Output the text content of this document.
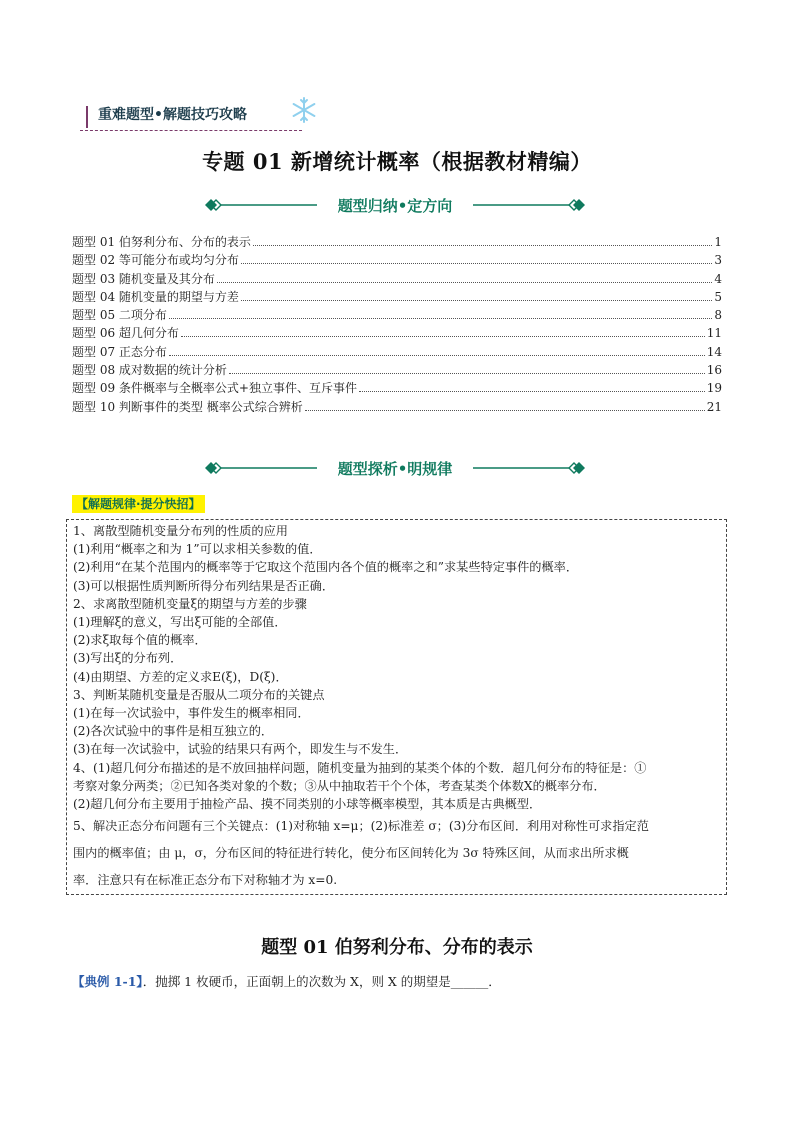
重难题型•解题技巧攻略
专题 01 新增统计概率（根据教材精编）
题型归纳•定方向
题型 01 伯努利分布、分布的表示	1
题型 02 等可能分布或均匀分布	3
题型 03 随机变量及其分布	4
题型 04 随机变量的期望与方差	5
题型 05 二项分布	8
题型 06 超几何分布	11
题型 07 正态分布	14
题型 08 成对数据的统计分析	16
题型 09 条件概率与全概率公式+独立事件、互斥事件	19
题型 10 判断事件的类型 概率公式综合辨析	21
题型探析•明规律
【解题规律·提分快招】
1、离散型随机变量分布列的性质的应用
(1)利用“概率之和为 1”可以求相关参数的值．
(2)利用“在某个范围内的概率等于它取这个范围内各个值的概率之和”求某些特定事件的概率．
(3)可以根据性质判断所得分布列结果是否正确．
2、求离散型随机变量ξ的期望与方差的步骤
(1)理解ξ的意义，写出ξ可能的全部值．
(2)求ξ取每个值的概率．
(3)写出ξ的分布列．
(4)由期望、方差的定义求E(ξ)，D(ξ)．
3、判断某随机变量是否服从二项分布的关键点
(1)在每一次试验中，事件发生的概率相同．
(2)各次试验中的事件是相互独立的．
(3)在每一次试验中，试验的结果只有两个，即发生与不发生．
4、(1)超几何分布描述的是不放回抽样问题，随机变量为抽到的某类个体的个数．超几何分布的特征是：①
考察对象分两类；②已知各类对象的个数；③从中抽取若干个个体，考查某类个体数X的概率分布．
(2)超几何分布主要用于抽检产品、摸不同类别的小球等概率模型，其本质是古典概型．
5、解决正态分布问题有三个关键点：(1)对称轴 x=μ；(2)标准差 σ；(3)分布区间．利用对称性可求指定范
围内的概率值；由 μ，σ，分布区间的特征进行转化，使分布区间转化为 3σ 特殊区间，从而求出所求概
率．注意只有在标准正态分布下对称轴才为 x=0.
题型 01 伯努利分布、分布的表示
【典例 1-1】．抛掷 1 枚硬币，正面朝上的次数为 X，则 X 的期望是______．
